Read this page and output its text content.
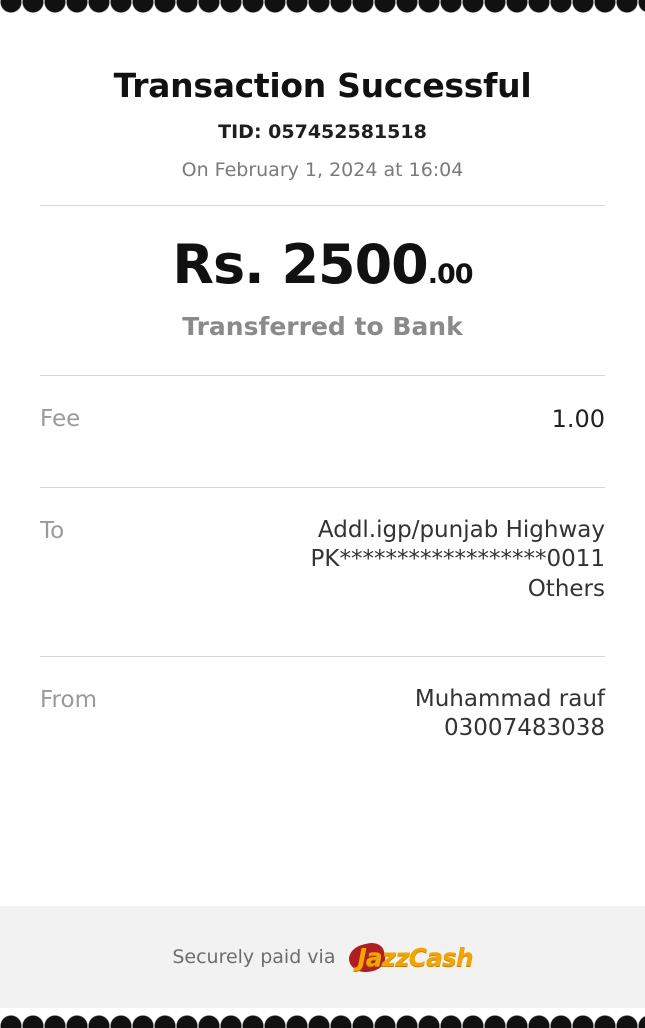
Transaction Successful
TID: 057452581518
On February 1, 2024 at 16:04
Rs. 2500.00
Transferred to Bank
Fee	1.00
To	Addl.igp/punjab Highway
PK******************0011
Others
From	Muhammad rauf
03007483038
Securely paid via Jazz Cash
